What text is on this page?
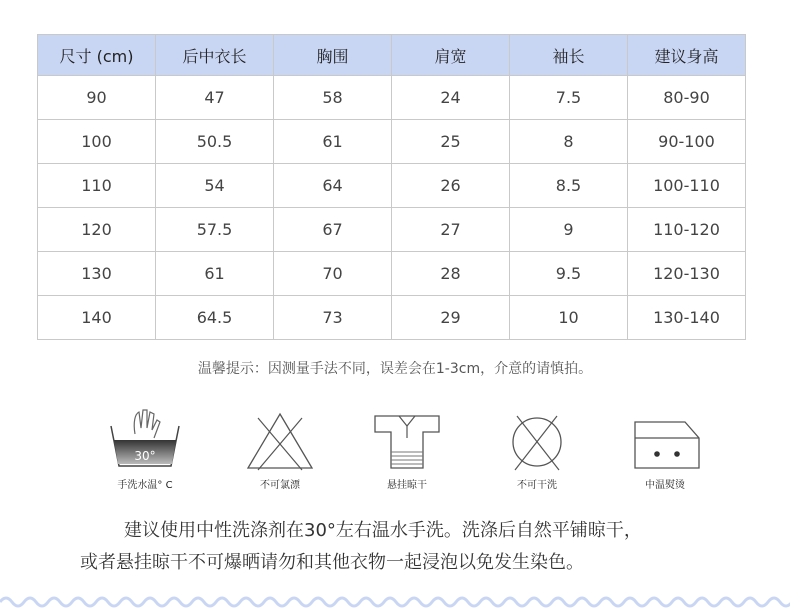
尺寸 (cm)	后中衣长	胸围	肩宽	袖长	建议身高
90	47	58	24	7.5	80-90
100	50.5	61	25	8	90-100
110	54	64	26	8.5	100-110
120	57.5	67	27	9	110-120
130	61	70	28	9.5	120-130
140	64.5	73	29	10	130-140
温馨提示：因测量手法不同，误差会在1-3cm，介意的请慎拍。
30°
手洗水温° C	不可氯漂	悬挂晾干	不可干洗	中温熨烫
建议使用中性洗涤剂在30°左右温水手洗。洗涤后自然平铺晾干，
或者悬挂晾干不可爆晒请勿和其他衣物一起浸泡以免发生染色。
